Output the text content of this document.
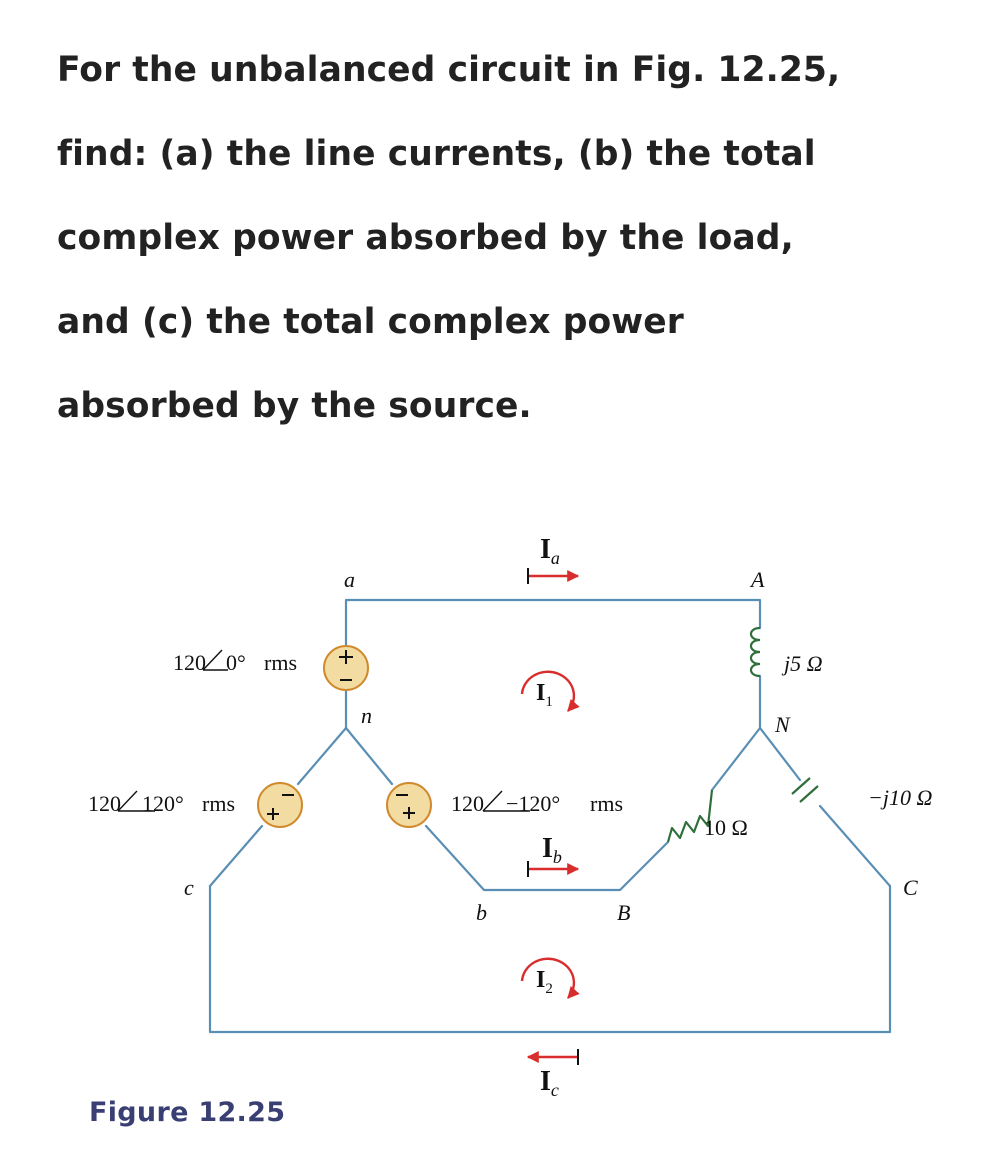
For the unbalanced circuit in Fig. 12.25,
find: (a) the line currents, (b) the total
complex power absorbed by the load,
and (c) the total complex power
absorbed by the source.
$I_a$
$I_1$
$I_b$
$I_2$
$I_c$
a	A
n	N
c	C
b	B
120 0° rms
120 120° rms	120 −120° rms
j5 Ω
10 Ω
−j10 Ω
Figure 12.25
